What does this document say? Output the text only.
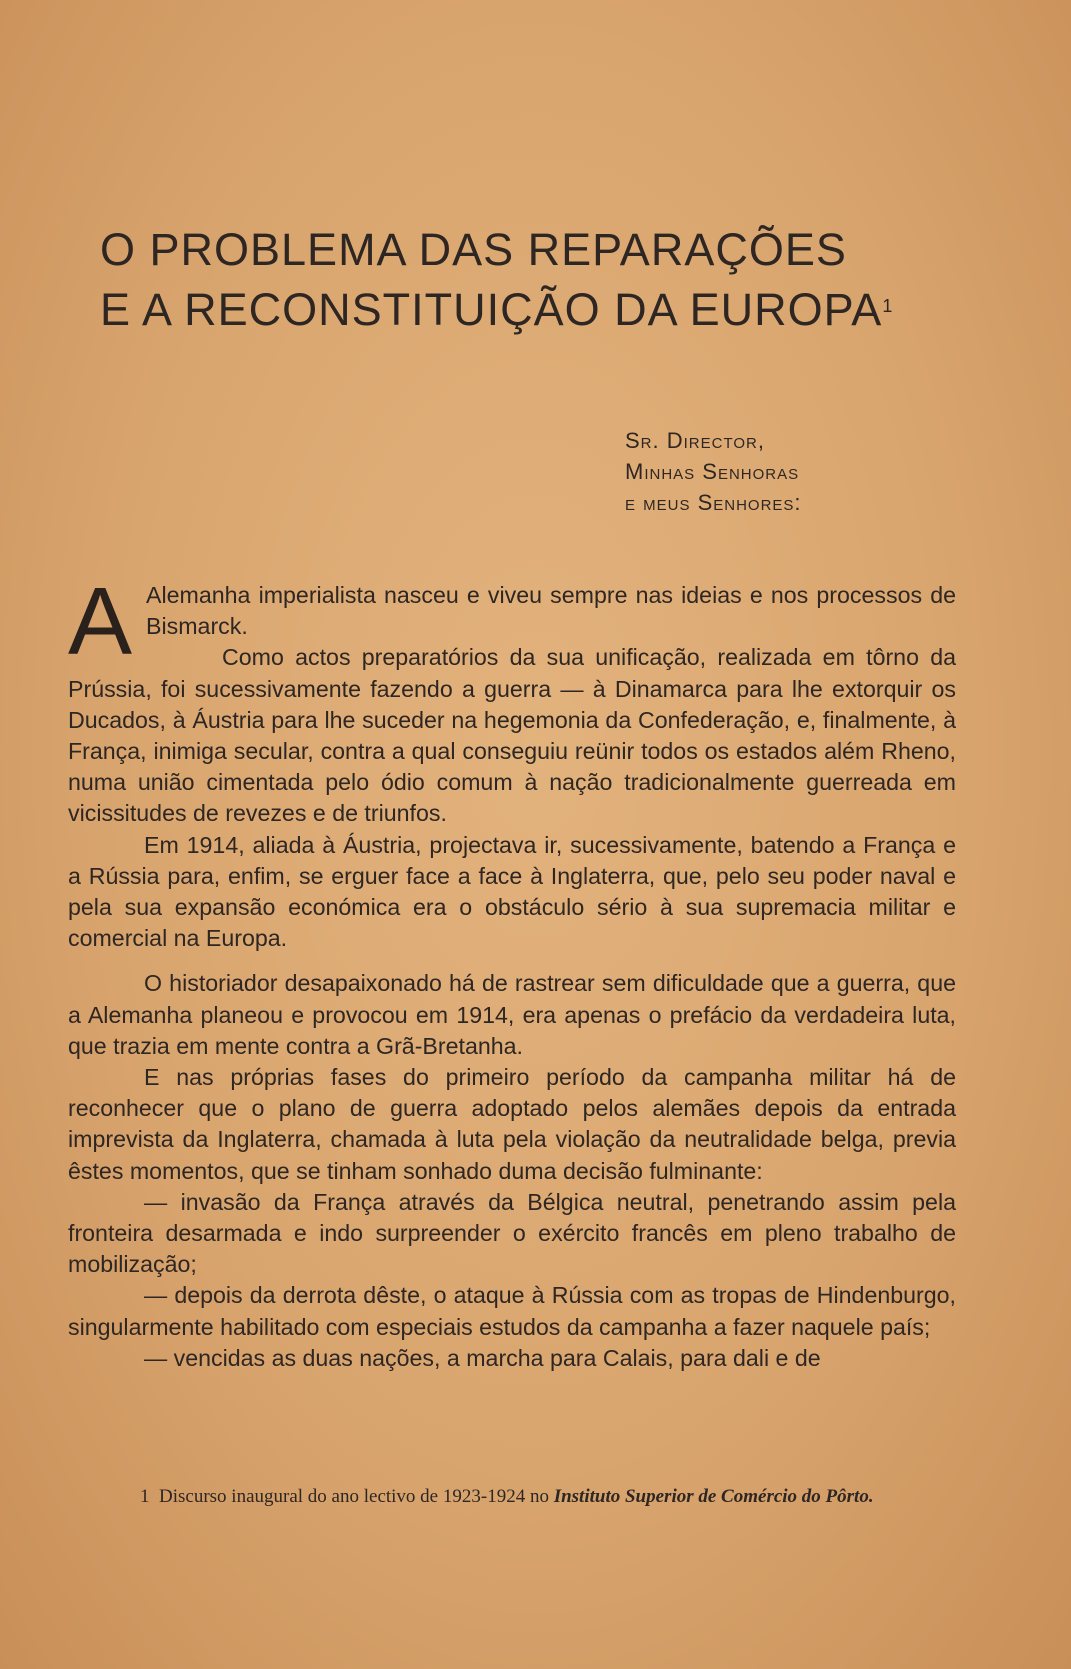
O PROBLEMA DAS REPARAÇÕES
E A RECONSTITUIÇÃO DA EUROPA$^1$
Sr. Director,
Minhas Senhoras
e meus Senhores:

A Alemanha imperialista nasceu e viveu sempre nas ideias e nos processos de Bismarck.

Como actos preparatórios da sua unificação, realizada em tôrno da Prússia, foi sucessivamente fazendo a guerra — à Dinamarca para lhe extorquir os Ducados, à Áustria para lhe suceder na hegemonia da Confederação, e, finalmente, à França, inimiga secular, contra a qual conseguiu reünir todos os estados além Rheno, numa união cimentada pelo ódio comum à nação tradicionalmente guerreada em vicissitudes de revezes e de triunfos.

Em 1914, aliada à Áustria, projectava ir, sucessivamente, batendo a França e a Rússia para, enfim, se erguer face a face à Inglaterra, que, pelo seu poder naval e pela sua expansão económica era o obstáculo sério à sua supremacia militar e comercial na Europa.

O historiador desapaixonado há de rastrear sem dificuldade que a guerra, que a Alemanha planeou e provocou em 1914, era apenas o prefácio da verdadeira luta, que trazia em mente contra a Grã-Bretanha.

E nas próprias fases do primeiro período da campanha militar há de reconhecer que o plano de guerra adoptado pelos alemães depois da entrada imprevista da Inglaterra, chamada à luta pela violação da neutralidade belga, previa êstes momentos, que se tinham sonhado duma decisão fulminante:

— invasão da França através da Bélgica neutral, penetrando assim pela fronteira desarmada e indo surpreender o exército francês em pleno trabalho de mobilização;

— depois da derrota dêste, o ataque à Rússia com as tropas de Hindenburgo, singularmente habilitado com especiais estudos da campanha a fazer naquele país;

— vencidas as duas nações, a marcha para Calais, para dali e de

1 Discurso inaugural do ano lectivo de 1923-1924 no Instituto Superior de Comércio do Pôrto.
